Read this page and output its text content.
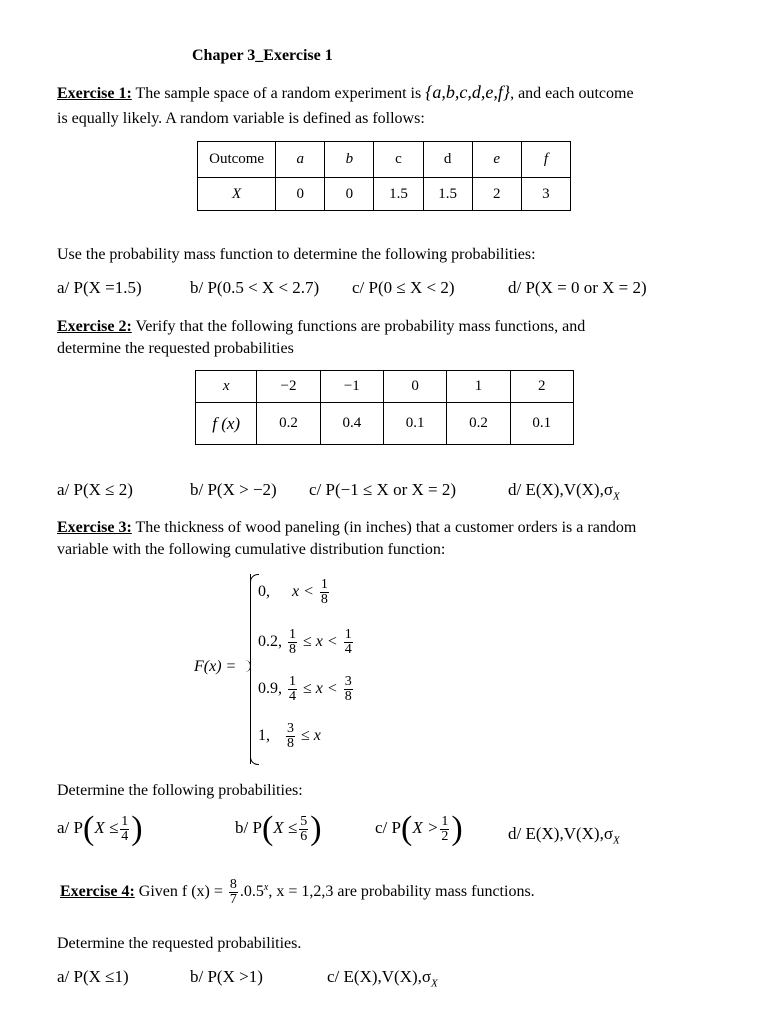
Chaper 3_Exercise 1
Exercise 1: The sample space of a random experiment is {a,b,c,d,e,f}, and each outcome
is equally likely. A random variable is defined as follows:
Outcome	a	b	c	d	e	f
X	0	0	1.5	1.5	2	3
Use the probability mass function to determine the following probabilities:
a/ P(X =1.5)	b/ P(0.5 < X < 2.7) c/ P(0 ≤ X < 2)	d/ P(X = 0 or X = 2)
Exercise 2: Verify that the following functions are probability mass functions, and
determine the requested probabilities
x	−2	−1	0	1	2
f (x)	0.2	0.4	0.1	0.2	0.1
a/ P(X ≤ 2)	b/ P(X > −2) c/ P(−1 ≤ X or X = 2)	d/ $E(X),V(X),\sigma_X$
Exercise 3: The thickness of wood paneling (in inches) that a customer orders is a random
variable with the following cumulative distribution function:
F(x) =
0, $x < \frac{1}{8}$
0.2, $\frac{1}{8} \le x < \frac{1}{4}$
0.9, $\frac{1}{4} \le x < \frac{3}{8}$
1, $\frac{3}{8} \le x$
Determine the following probabilities:
a/ $P(X \le \frac{1}{4}$ )	b/ $P(X \le \frac{5}{6}$ )	c/ $P(X > \frac{1}{2}$ )	d/ $E(X),V(X),\sigma_X$
Exercise 4: Given f $(x) = \frac{8}{7} .0.5^x$, x = 1,2,3 are probability mass functions.
Determine the requested probabilities.
a/ P(X ≤1)	b/ P(X >1)	c/ $E(X),V(X),\sigma_X$
